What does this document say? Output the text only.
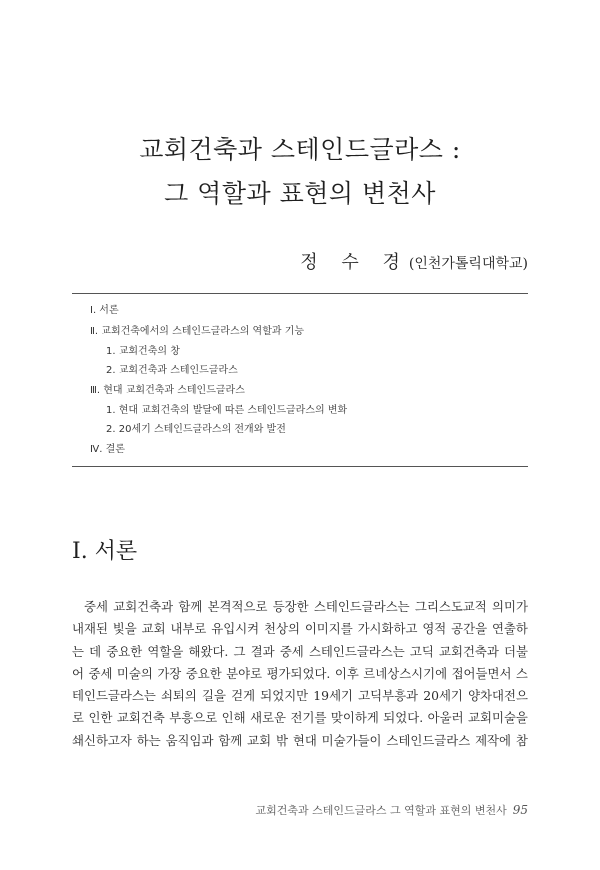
교회건축과 스테인드글라스 :
그 역할과 표현의 변천사
정 수 경(인천가톨릭대학교)
Ⅰ. 서론
Ⅱ. 교회건축에서의 스테인드글라스의 역할과 기능
1. 교회건축의 창
2. 교회건축과 스테인드글라스
Ⅲ. 현대 교회건축과 스테인드글라스
1. 현대 교회건축의 발달에 따른 스테인드글라스의 변화
2. 20세기 스테인드글라스의 전개와 발전
Ⅳ. 결론
Ⅰ. 서론
중세 교회건축과 함께 본격적으로 등장한 스테인드글라스는 그리스도교적 의미가
내재된 빛을 교회 내부로 유입시켜 천상의 이미지를 가시화하고 영적 공간을 연출하
는 데 중요한 역할을 해왔다. 그 결과 중세 스테인드글라스는 고딕 교회건축과 더불
어 중세 미술의 가장 중요한 분야로 평가되었다. 이후 르네상스시기에 접어들면서 스
테인드글라스는 쇠퇴의 길을 걷게 되었지만 19세기 고딕부흥과 20세기 양차대전으
로 인한 교회건축 부흥으로 인해 새로운 전기를 맞이하게 되었다. 아울러 교회미술을
쇄신하고자 하는 움직임과 함께 교회 밖 현대 미술가들이 스테인드글라스 제작에 참
교회건축과 스테인드글라스 그 역할과 표현의 변천사 95
